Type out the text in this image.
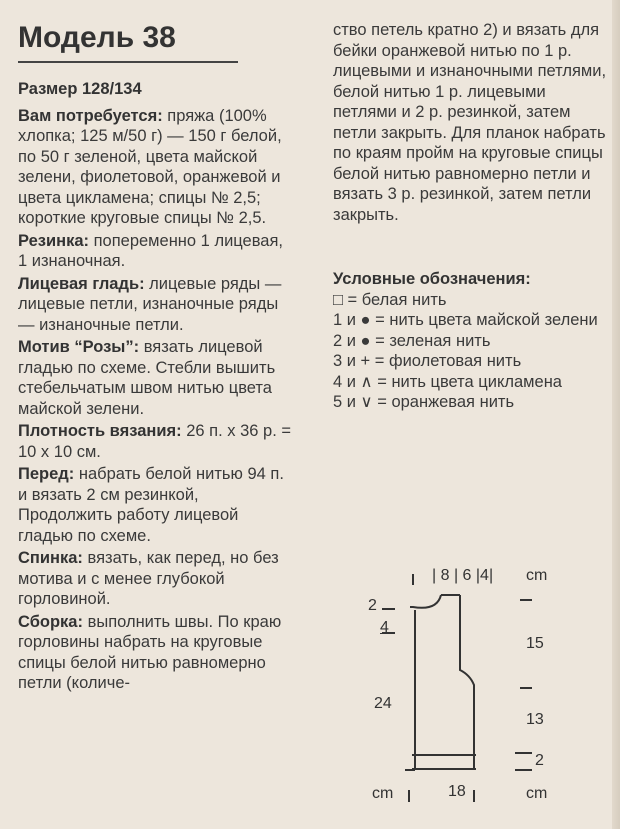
Модель 38
Размер 128/134
Вам потребуется: пряжа (100% хлопка; 125 м/50 г) — 150 г белой, по 50 г зеленой, цвета майской зелени, фиолетовой, оранжевой и цвета цикламена; спицы № 2,5; короткие круговые спицы № 2,5.
Резинка: попеременно 1 лицевая, 1 изнаночная.
Лицевая гладь: лицевые ряды — лицевые петли, изнаночные ряды — изнаночные петли.
Мотив “Розы”: вязать лицевой гладью по схеме. Стебли вышить стебельчатым швом нитью цвета майской зелени.
Плотность вязания: 26 п. х 36 р. = 10 х 10 см.
Перед: набрать белой нитью 94 п. и вязать 2 см резинкой, Продолжить работу лицевой гладью по схеме.
Спинка: вязать, как перед, но без мотива и с менее глубокой горловиной.
Сборка: выполнить швы. По краю горловины набрать на круговые спицы белой нитью равномерно петли (количе-
ство петель кратно 2) и вязать для бейки оранжевой нитью по 1 р. лицевыми и изнаночными петлями, белой нитью 1 р. лицевыми петлями и 2 р. резинкой, затем петли закрыть. Для планок набрать по краям пройм на круговые спицы белой нитью равномерно петли и вязать 3 р. резинкой, затем петли закрыть.
Условные обозначения:
□ = белая нить
1 и ● = нить цвета майской зелени
2 и ● = зеленая нить
3 и + = фиолетовая нить
4 и ∧ = нить цвета цикламена
5 и ∨ = оранжевая нить
| 8 | 6 |4| cm
2
4
24
15
13
2
cm	18	cm
